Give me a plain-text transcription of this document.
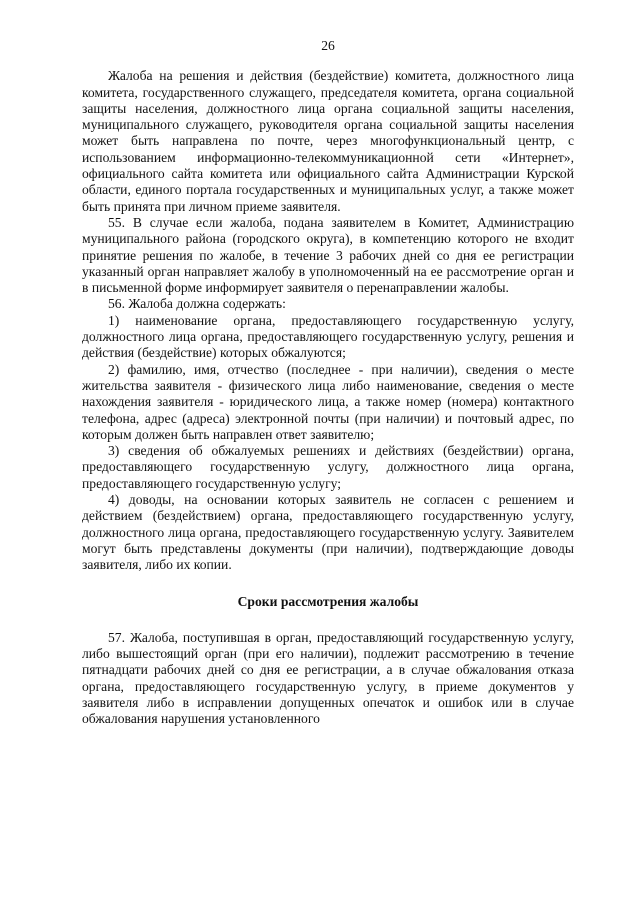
26

Жалоба на решения и действия (бездействие) комитета, должностного лица комитета, государственного служащего, председателя комитета, органа социальной защиты населения, должностного лица органа социальной защиты населения, муниципального служащего, руководителя органа социальной защиты населения может быть направлена по почте, через многофункциональный центр, с использованием информационно-телекоммуникационной сети «Интернет», официального сайта комитета или официального сайта Администрации Курской области, единого портала государственных и муниципальных услуг, а также может быть принята при личном приеме заявителя.

55. В случае если жалоба, подана заявителем в Комитет, Администрацию муниципального района (городского округа), в компетенцию которого не входит принятие решения по жалобе, в течение 3 рабочих дней со дня ее регистрации указанный орган направляет жалобу в уполномоченный на ее рассмотрение орган и в письменной форме информирует заявителя о перенаправлении жалобы.

56. Жалоба должна содержать:

1) наименование органа, предоставляющего государственную услугу, должностного лица органа, предоставляющего государственную услугу, решения и действия (бездействие) которых обжалуются;

2) фамилию, имя, отчество (последнее - при наличии), сведения о месте жительства заявителя - физического лица либо наименование, сведения о месте нахождения заявителя - юридического лица, а также номер (номера) контактного телефона, адрес (адреса) электронной почты (при наличии) и почтовый адрес, по которым должен быть направлен ответ заявителю;

3) сведения об обжалуемых решениях и действиях (бездействии) органа, предоставляющего государственную услугу, должностного лица органа, предоставляющего государственную услугу;

4) доводы, на основании которых заявитель не согласен с решением и действием (бездействием) органа, предоставляющего государственную услугу, должностного лица органа, предоставляющего государственную услугу. Заявителем могут быть представлены документы (при наличии), подтверждающие доводы заявителя, либо их копии.

Сроки рассмотрения жалобы

57. Жалоба, поступившая в орган, предоставляющий государственную услугу, либо вышестоящий орган (при его наличии), подлежит рассмотрению в течение пятнадцати рабочих дней со дня ее регистрации, а в случае обжалования отказа органа, предоставляющего государственную услугу, в приеме документов у заявителя либо в исправлении допущенных опечаток и ошибок или в случае обжалования нарушения установленного
